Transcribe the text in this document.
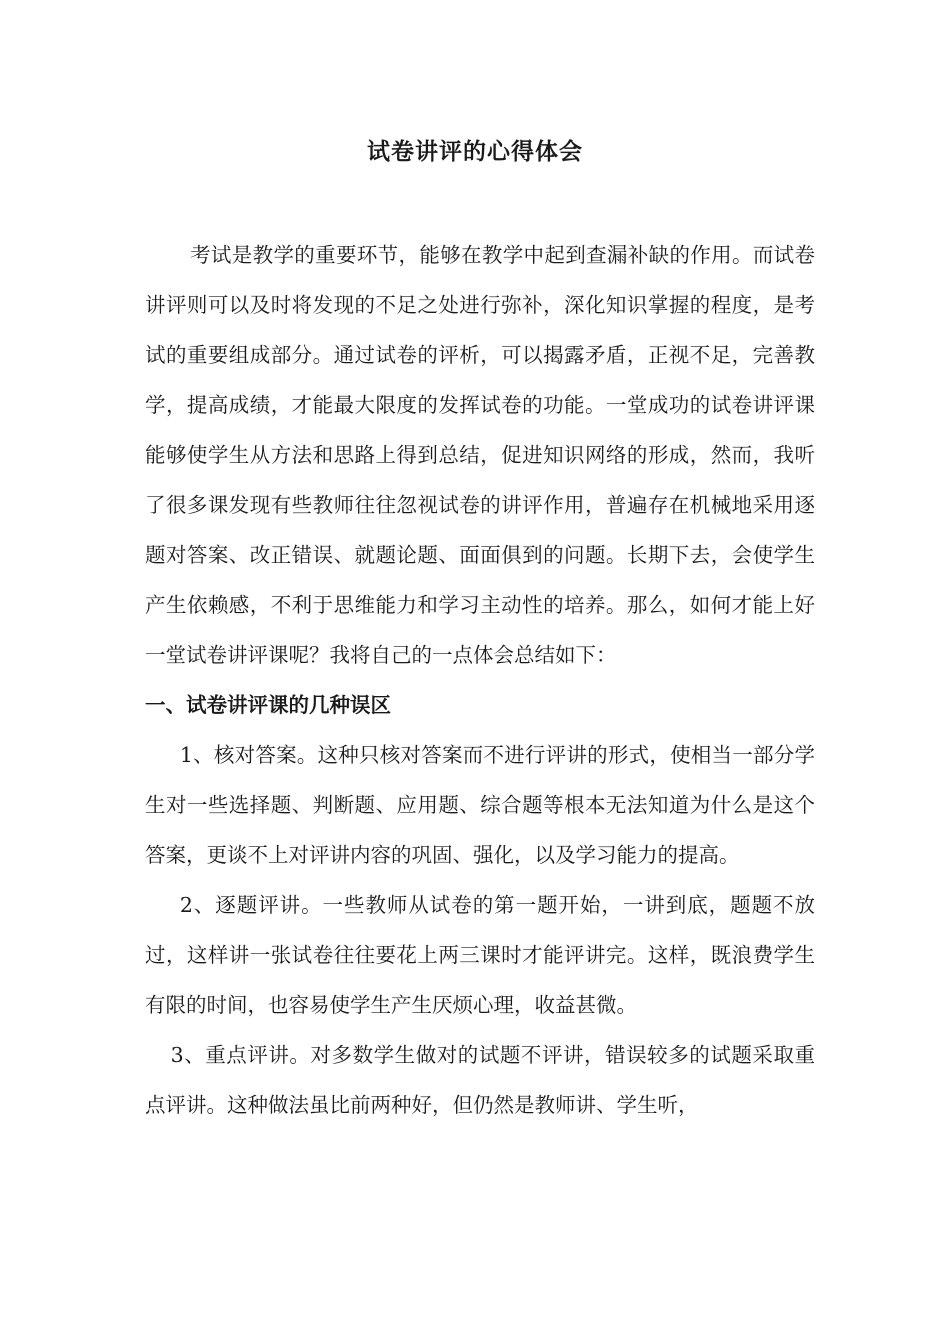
试卷讲评的心得体会

考试是教学的重要环节，能够在教学中起到查漏补缺的作用。而试卷讲评则可以及时将发现的不足之处进行弥补，深化知识掌握的程度，是考试的重要组成部分。通过试卷的评析，可以揭露矛盾，正视不足，完善教学，提高成绩，才能最大限度的发挥试卷的功能。一堂成功的试卷讲评课能够使学生从方法和思路上得到总结，促进知识网络的形成，然而，我听了很多课发现有些教师往往忽视试卷的讲评作用，普遍存在机械地采用逐题对答案、改正错误、就题论题、面面俱到的问题。长期下去，会使学生产生依赖感，不利于思维能力和学习主动性的培养。那么，如何才能上好一堂试卷讲评课呢？我将自己的一点体会总结如下：

一、试卷讲评课的几种误区

1、核对答案。这种只核对答案而不进行评讲的形式，使相当一部分学生对一些选择题、判断题、应用题、综合题等根本无法知道为什么是这个答案，更谈不上对评讲内容的巩固、强化，以及学习能力的提高。

2、逐题评讲。一些教师从试卷的第一题开始，一讲到底，题题不放过，这样讲一张试卷往往要花上两三课时才能评讲完。这样，既浪费学生有限的时间，也容易使学生产生厌烦心理，收益甚微。

3、重点评讲。对多数学生做对的试题不评讲，错误较多的试题采取重点评讲。这种做法虽比前两种好，但仍然是教师讲、学生听，
